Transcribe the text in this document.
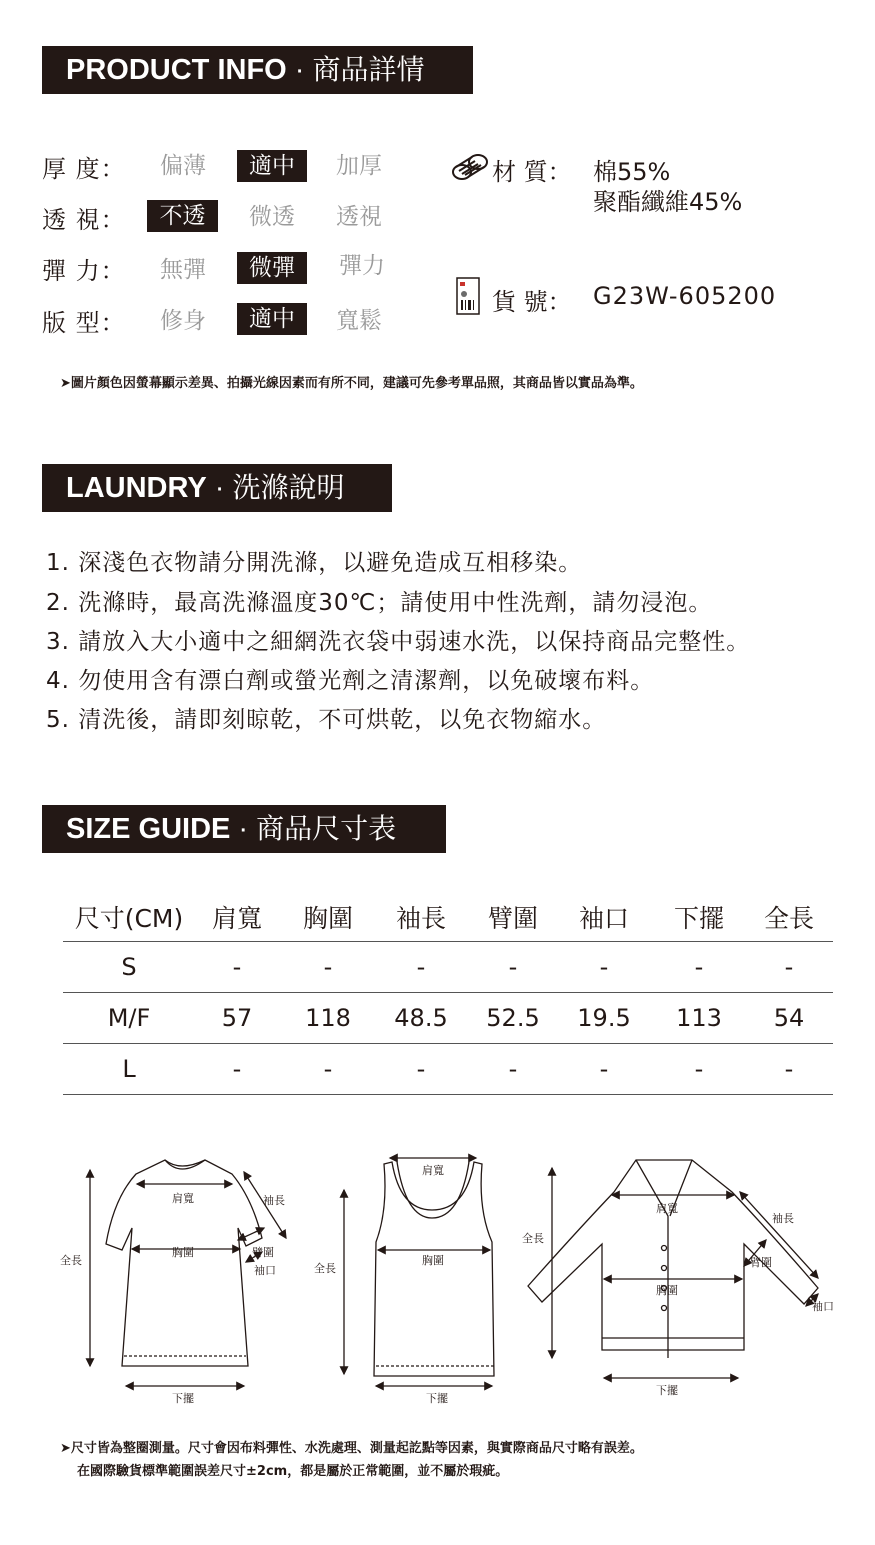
PRODUCT INFO · 商品詳情
厚 度：	偏薄	適中	加厚
透 視：	不透	微透	透視
彈 力：	無彈	微彈	彈力
版 型：	修身	適中	寬鬆
材 質： 棉55%
聚酯纖維45%
貨 號： G23W-605200
➤圖片顏色因螢幕顯示差異、拍攝光線因素而有所不同，建議可先參考單品照，其商品皆以實品為準。
LAUNDRY · 洗滌說明
1. 深淺色衣物請分開洗滌，以避免造成互相移染。
2. 洗滌時，最高洗滌溫度30℃；請使用中性洗劑，請勿浸泡。
3. 請放入大小適中之細網洗衣袋中弱速水洗，以保持商品完整性。
4. 勿使用含有漂白劑或螢光劑之清潔劑，以免破壞布料。
5. 清洗後，請即刻晾乾，不可烘乾，以免衣物縮水。
SIZE GUIDE · 商品尺寸表
尺寸(CM)	肩寬	胸圍	袖長	臂圍	袖口	下擺	全長
S	-	-	-	-	-	-	-
M/F	57	118	48.5	52.5	19.5	113	54
L	-	-	-	-	-	-	-
肩寬	袖長
臂圍
胸圍
袖口
全長
下擺
肩寬
胸圍
全長
下擺
肩寬
袖長
臂圍
胸圍
袖口
全長
下擺
➤尺寸皆為整圈測量。尺寸會因布料彈性、水洗處理、測量起訖點等因素，與實際商品尺寸略有誤差。
在國際驗貨標準範圍誤差尺寸±2cm，都是屬於正常範圍，並不屬於瑕疵。
